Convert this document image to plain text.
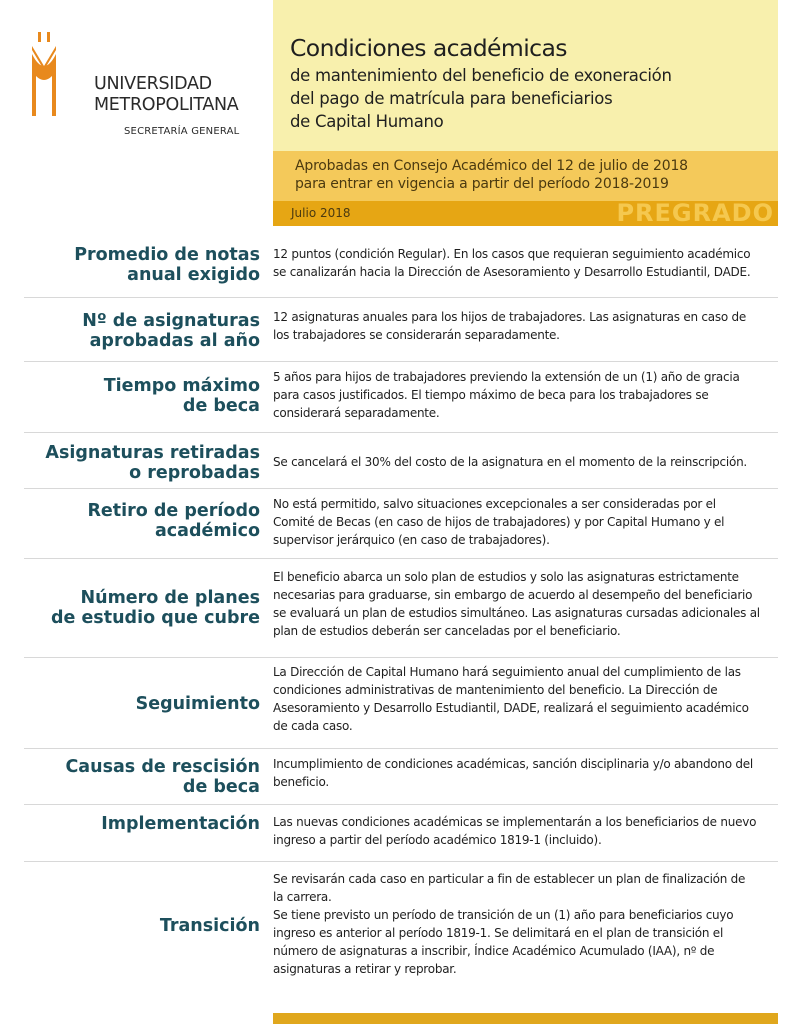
UNIVERSIDAD
METROPOLITANA

SECRETARÍA GENERAL
Condiciones académicas
de mantenimiento del beneficio de exoneración
del pago de matrícula para beneficiarios
de Capital Humano
Aprobadas en Consejo Académico del 12 de julio de 2018
para entrar en vigencia a partir del período 2018-2019
Julio 2018	PREGRADO
Promedio de notas
anual exigido

12 puntos (condición Regular). En los casos que requieran seguimiento académico
se canalizarán hacia la Dirección de Asesoramiento y Desarrollo Estudiantil, DADE.

Nº de asignaturas
aprobadas al año

12 asignaturas anuales para los hijos de trabajadores. Las asignaturas en caso de
los trabajadores se considerarán separadamente.

Tiempo máximo
de beca

5 años para hijos de trabajadores previendo la extensión de un (1) año de gracia
para casos justificados. El tiempo máximo de beca para los trabajadores se
considerará separadamente.

Asignaturas retiradas
o reprobadas

Se cancelará el 30% del costo de la asignatura en el momento de la reinscripción.

Retiro de período
académico

No está permitido, salvo situaciones excepcionales a ser consideradas por el
Comité de Becas (en caso de hijos de trabajadores) y por Capital Humano y el
supervisor jerárquico (en caso de trabajadores).

Número de planes
de estudio que cubre

El beneficio abarca un solo plan de estudios y solo las asignaturas estrictamente
necesarias para graduarse, sin embargo de acuerdo al desempeño del beneficiario
se evaluará un plan de estudios simultáneo. Las asignaturas cursadas adicionales al
plan de estudios deberán ser canceladas por el beneficiario.

Seguimiento

La Dirección de Capital Humano hará seguimiento anual del cumplimiento de las
condiciones administrativas de mantenimiento del beneficio. La Dirección de
Asesoramiento y Desarrollo Estudiantil, DADE, realizará el seguimiento académico
de cada caso.

Causas de rescisión
de beca

Incumplimiento de condiciones académicas, sanción disciplinaria y/o abandono del
beneficio.

Implementación Las nuevas condiciones académicas se implementarán a los beneficiarios de nuevo
ingreso a partir del período académico 1819-1 (incluido).

Transición

Se revisarán cada caso en particular a fin de establecer un plan de finalización de
la carrera.
Se tiene previsto un período de transición de un (1) año para beneficiarios cuyo
ingreso es anterior al período 1819-1. Se delimitará en el plan de transición el
número de asignaturas a inscribir, Índice Académico Acumulado (IAA), nº de
asignaturas a retirar y reprobar.
